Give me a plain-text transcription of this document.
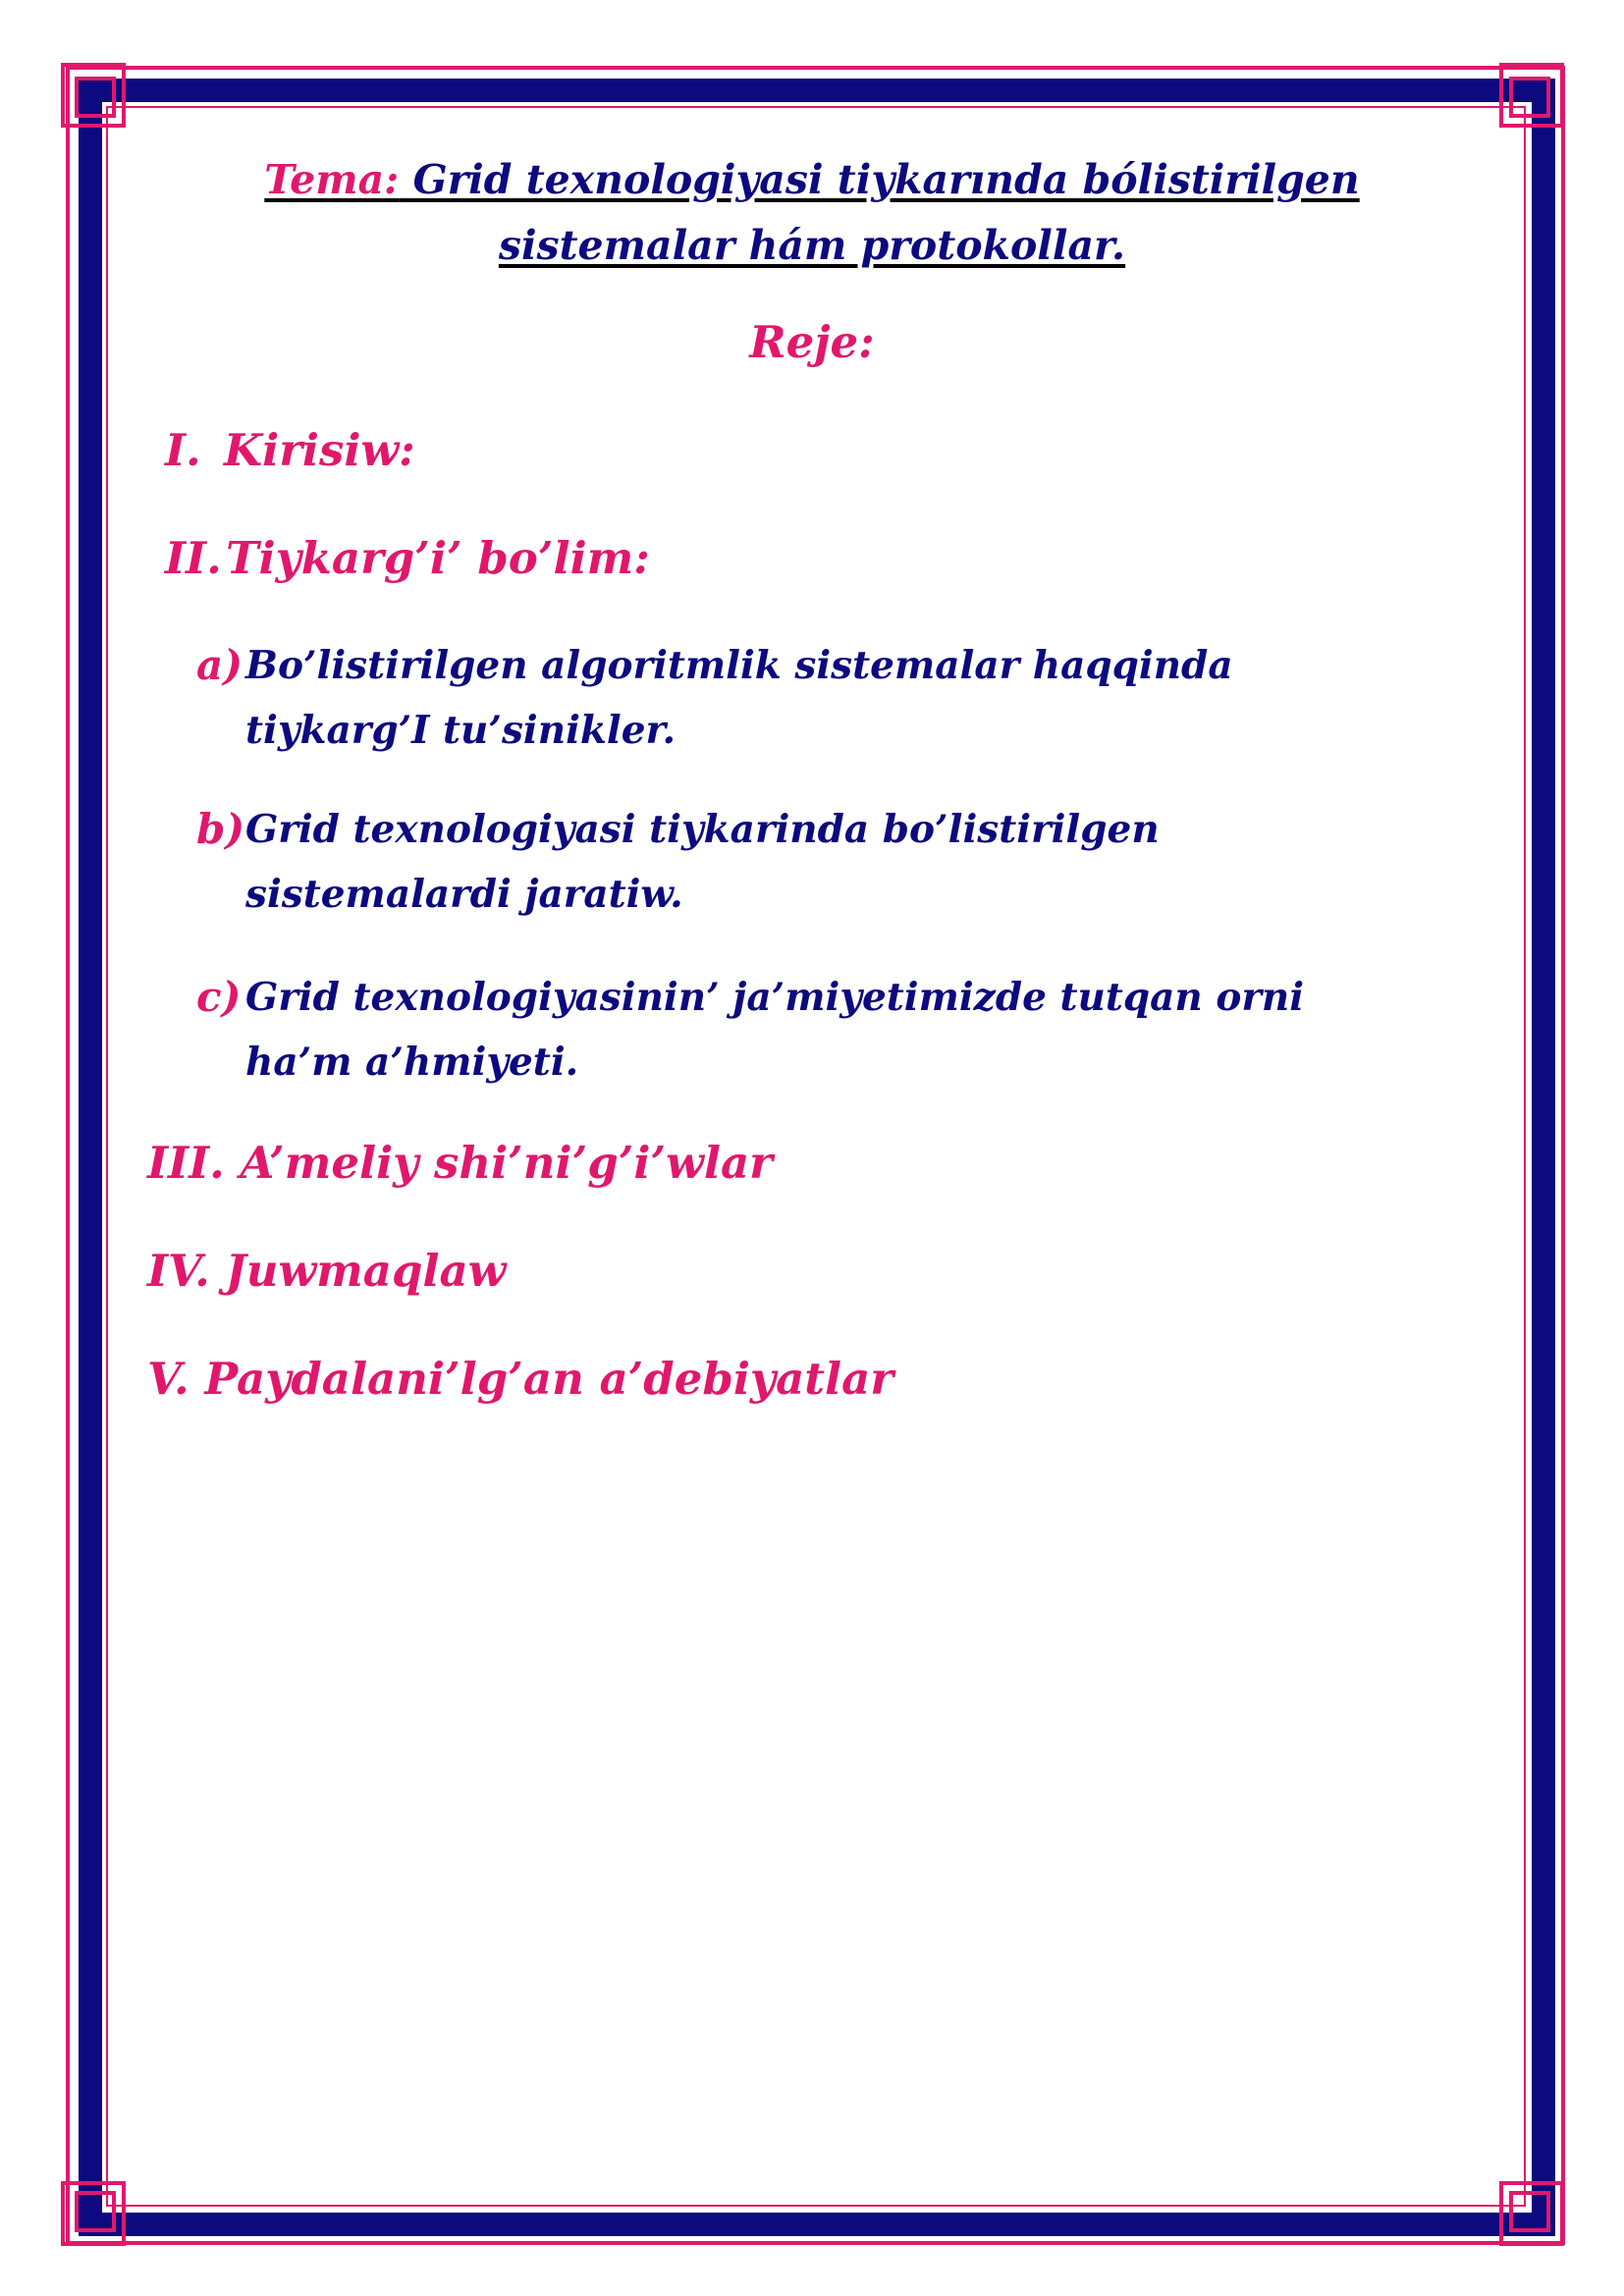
Tema: Grid texnologiyasi tiykarında bólistirilgen sistemalar hám protokollar.
Reje:
I. Kirisiw:
II.Tiykarg’i’ bo’lim:
a) Bo’listirilgen algoritmlik sistemalar haqqinda tiykarg’I tu’sinikler.
b) Grid texnologiyasi tiykarinda bo’listirilgen sistemalardi jaratiw.
c) Grid texnologiyasinin’ ja’miyetimizde tutqan orni ha’m a’hmiyeti.
III. A’meliy shi’ni’g’i’wlar
IV. Juwmaqlaw
V. Paydalani’lg’an a’debiyatlar
